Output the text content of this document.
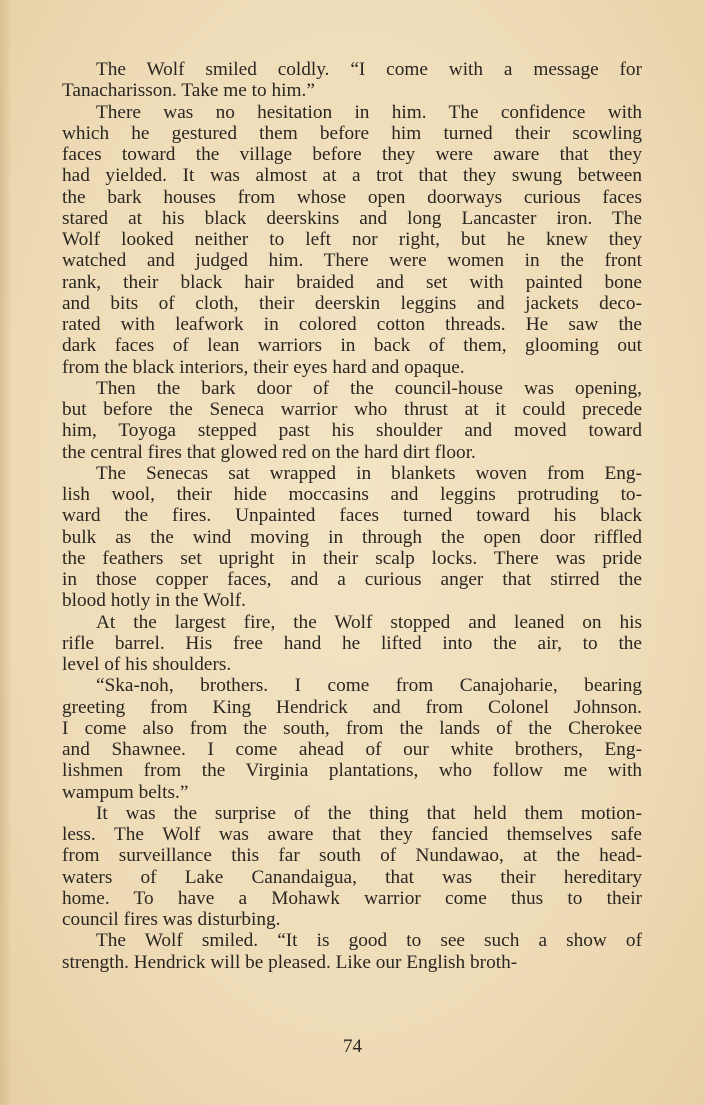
The Wolf smiled coldly. “I come with a message for
Tanacharisson. Take me to him.”
There was no hesitation in him. The confidence with
which he gestured them before him turned their scowling
faces toward the village before they were aware that they
had yielded. It was almost at a trot that they swung between
the bark houses from whose open doorways curious faces
stared at his black deerskins and long Lancaster iron. The
Wolf looked neither to left nor right, but he knew they
watched and judged him. There were women in the front
rank, their black hair braided and set with painted bone
and bits of cloth, their deerskin leggins and jackets deco-
rated with leafwork in colored cotton threads. He saw the
dark faces of lean warriors in back of them, glooming out
from the black interiors, their eyes hard and opaque.
Then the bark door of the council-house was opening,
but before the Seneca warrior who thrust at it could precede
him, Toyoga stepped past his shoulder and moved toward
the central fires that glowed red on the hard dirt floor.
The Senecas sat wrapped in blankets woven from Eng-
lish wool, their hide moccasins and leggins protruding to-
ward the fires. Unpainted faces turned toward his black
bulk as the wind moving in through the open door riffled
the feathers set upright in their scalp locks. There was pride
in those copper faces, and a curious anger that stirred the
blood hotly in the Wolf.
At the largest fire, the Wolf stopped and leaned on his
rifle barrel. His free hand he lifted into the air, to the
level of his shoulders.
“Ska-noh, brothers. I come from Canajoharie, bearing
greeting from King Hendrick and from Colonel Johnson.
I come also from the south, from the lands of the Cherokee
and Shawnee. I come ahead of our white brothers, Eng-
lishmen from the Virginia plantations, who follow me with
wampum belts.”
It was the surprise of the thing that held them motion-
less. The Wolf was aware that they fancied themselves safe
from surveillance this far south of Nundawao, at the head-
waters of Lake Canandaigua, that was their hereditary
home. To have a Mohawk warrior come thus to their
council fires was disturbing.
The Wolf smiled. “It is good to see such a show of
strength. Hendrick will be pleased. Like our English broth-
74
